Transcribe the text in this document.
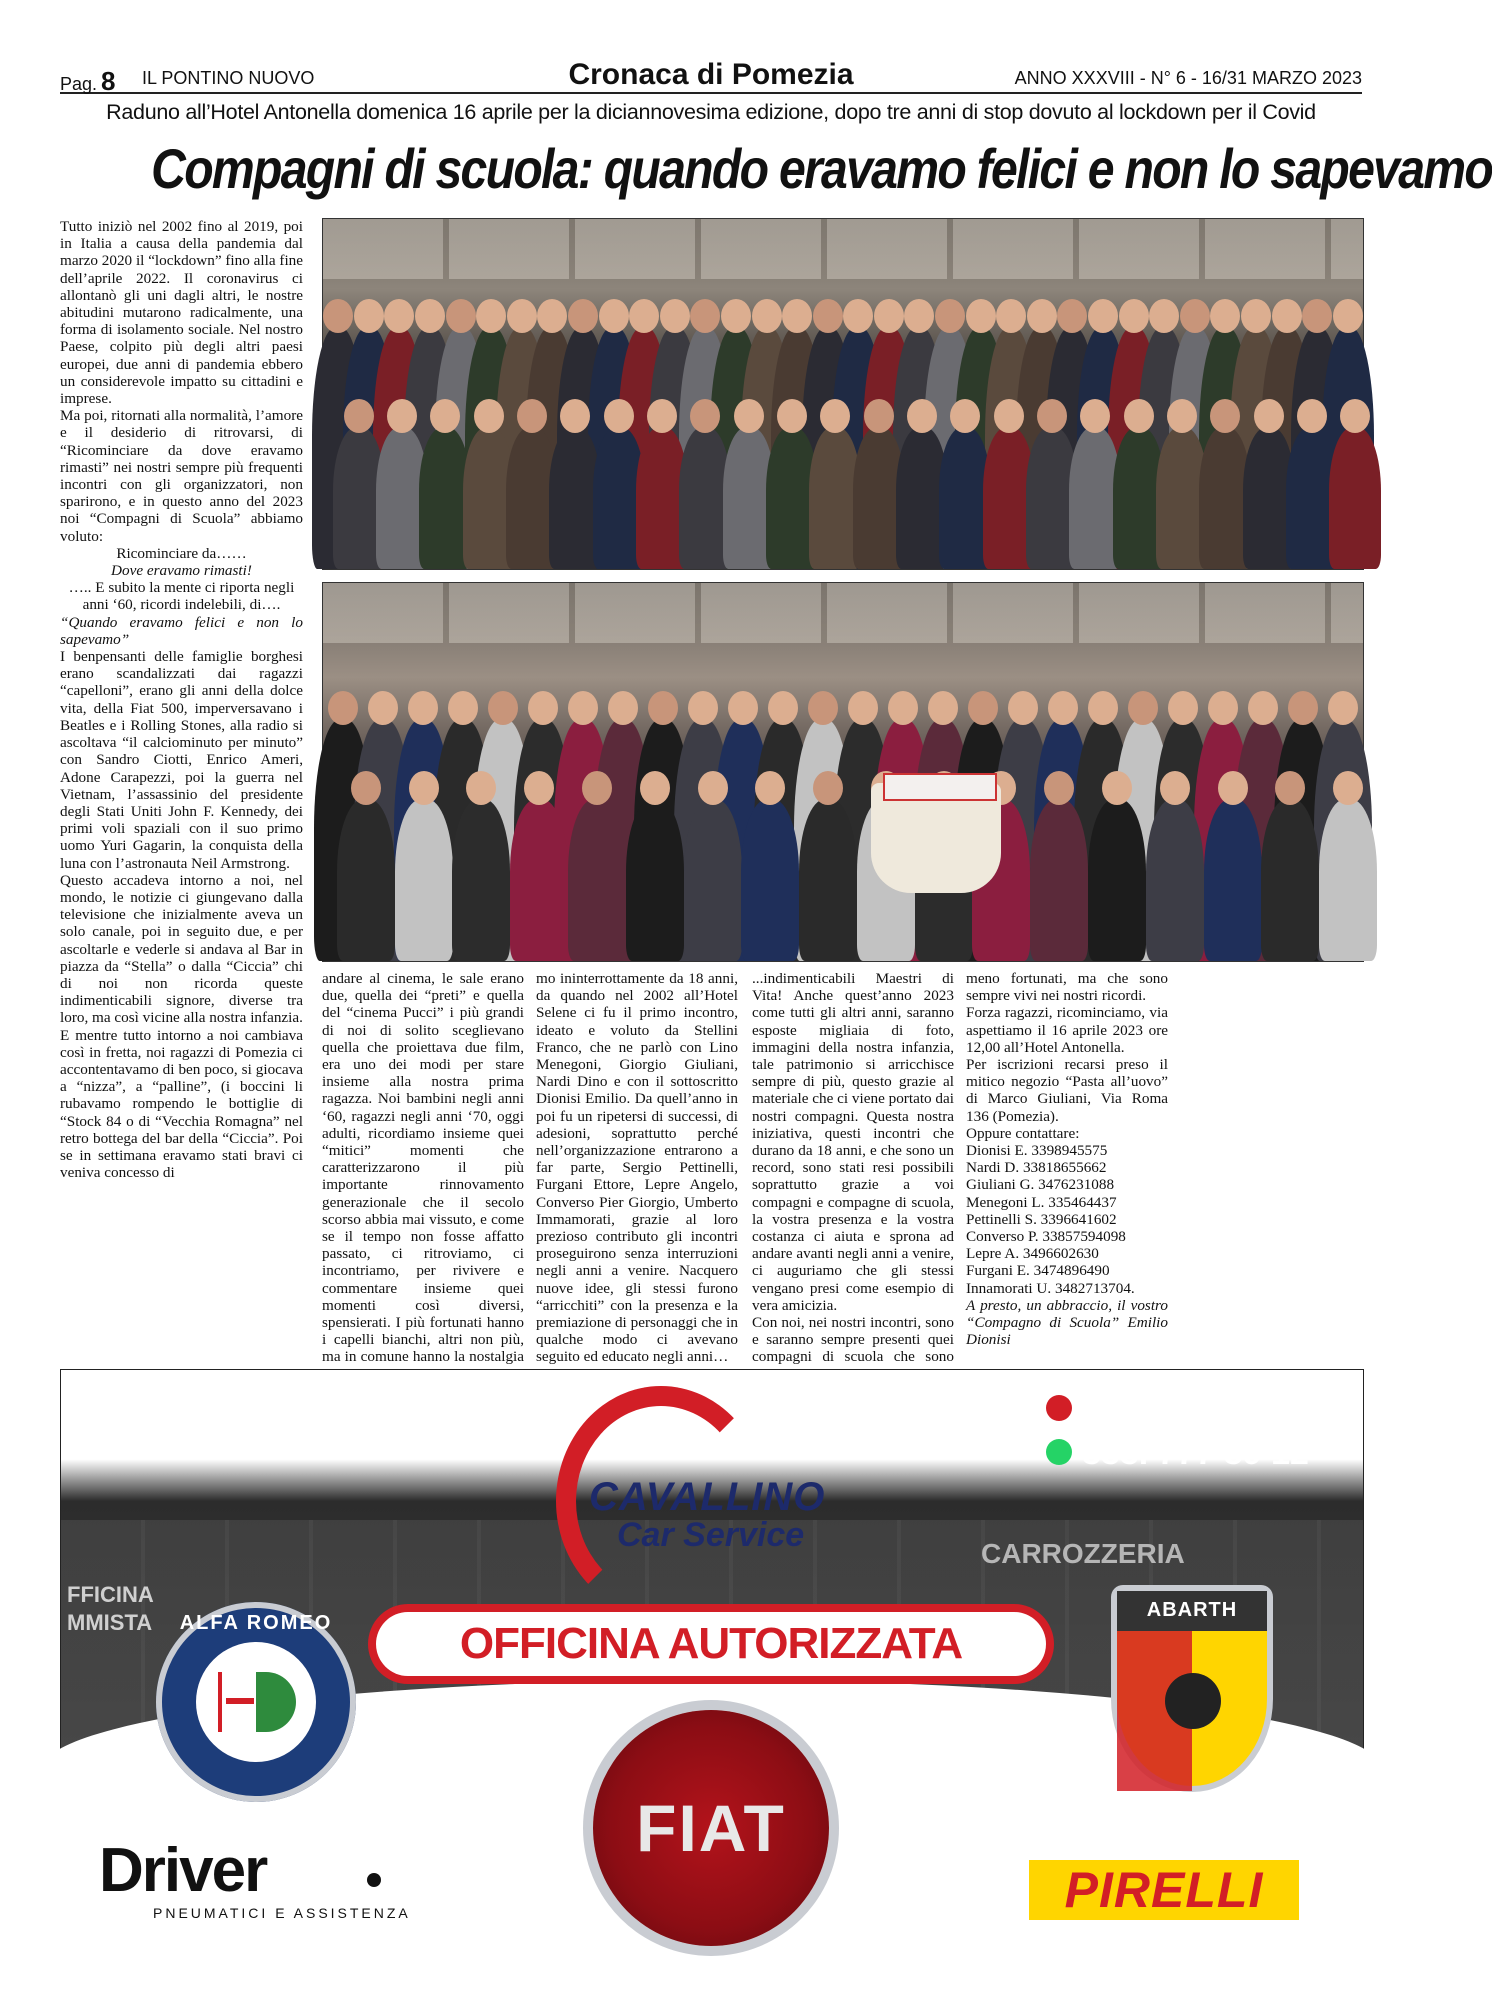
Cronaca di Pomezia
Pag. 8 IL PONTINO NUOVO	ANNO XXXVIII - N° 6 - 16/31 MARZO 2023
Raduno all’Hotel Antonella domenica 16 aprile per la diciannovesima edizione, dopo tre anni di stop dovuto al lockdown per il Covid
Compagni di scuola: quando eravamo felici e non lo sapevamo

Tutto iniziò nel 2002 fino al 2019, poi in Italia a causa della pandemia dal marzo 2020 il “lockdown” fino alla fine dell’aprile 2022. Il coronavirus ci allontanò gli uni dagli altri, le nostre abitudini mutarono radicalmente, una forma di isolamento sociale. Nel nostro Paese, colpito più degli altri paesi europei, due anni di pandemia ebbero un considerevole impatto su cittadini e imprese.

Ma poi, ritornati alla normalità, l’amore e il desiderio di ritrovarsi, di “Ricominciare da dove eravamo rimasti” nei nostri sempre più frequenti incontri con gli organizzatori, non sparirono, e in questo anno del 2023 noi “Compagni di Scuola” abbiamo voluto:

Ricominciare da……

Dove eravamo rimasti!

….. E subito la mente ci riporta negli anni ‘60, ricordi indelebili, di….

“Quando eravamo felici e non lo sapevamo”

I benpensanti delle famiglie borghesi erano scandalizzati dai ragazzi “capelloni”, erano gli anni della dolce vita, della Fiat 500, imperversavano i Beatles e i Rolling Stones, alla radio si ascoltava “il calciominuto per minuto” con Sandro Ciotti, Enrico Ameri, Adone Carapezzi, poi la guerra nel Vietnam, l’assassinio del presidente degli Stati Uniti John F. Kennedy, dei primi voli spaziali con il suo primo uomo Yuri Gagarin, la conquista della luna con l’astronauta Neil Armstrong.

Questo accadeva intorno a noi, nel mondo, le notizie ci giungevano dalla televisione che inizialmente aveva un solo canale, poi in seguito due, e per ascoltarle e vederle si andava al Bar in piazza da “Stella” o dalla “Ciccia” chi di noi non ricorda queste indimenticabili signore, diverse tra loro, ma così vicine alla nostra infanzia.

E mentre tutto intorno a noi cambiava così in fretta, noi ragazzi di Pomezia ci accontentavamo di ben poco, si giocava a “nizza”, a “palline”, (i boccini li rubavamo rompendo le bottiglie di “Stock 84 o di “Vecchia Romagna” nel retro bottega del bar della “Ciccia”. Poi se in settimana eravamo stati bravi ci veniva concesso di

andare al cinema, le sale erano due, quella dei “preti” e quella del “cinema Pucci” i più grandi di noi di solito sceglievano quella che proiettava due film, era uno dei modi per stare insieme alla nostra prima ragazza. Noi bambini negli anni ‘60, ragazzi negli anni ‘70, oggi adulti, ricordiamo insieme quei “mitici” momenti che caratterizzarono il più importante rinnovamento generazionale che il secolo scorso abbia mai vissuto, e come se il tempo non fosse affatto passato, ci ritroviamo, ci incontriamo, per rivivere e commentare insieme quei momenti così diversi, spensierati. I più fortunati hanno i capelli bianchi, altri non più, ma in comune hanno la nostalgia

mo ininterrottamente da 18 anni, da quando nel 2002 all’Hotel Selene ci fu il primo incontro, ideato e voluto da Stellini Franco, che ne parlò con Lino Menegoni, Giorgio Giuliani, Nardi Dino e con il sottoscritto Dionisi Emilio. Da quell’anno in poi fu un ripetersi di successi, di adesioni, soprattutto perché nell’organizzazione entrarono a far parte, Sergio Pettinelli, Furgani Ettore, Lepre Angelo, Converso Pier Giorgio, Umberto Immamorati, grazie al loro prezioso contributo gli incontri proseguirono senza interruzioni negli anni a venire. Nacquero nuove idee, gli stessi furono “arricchiti” con la presenza e la premiazione di personaggi che in qualche modo ci avevano seguito ed educato negli anni…

...indimenticabili Maestri di Vita! Anche quest’anno 2023 come tutti gli altri anni, saranno esposte migliaia di foto, immagini della nostra infanzia, tale patrimonio si arricchisce sempre di più, questo grazie al materiale che ci viene portato dai nostri compagni. Questa nostra iniziativa, questi incontri che durano da 18 anni, e che sono un record, sono stati resi possibili soprattutto grazie a voi compagni e compagne di scuola, la vostra presenza e la vostra costanza ci aiuta e sprona ad andare avanti negli anni a venire, ci auguriamo che gli stessi vengano presi come esempio di vera amicizia.

Con noi, nei nostri incontri, sono e saranno sempre presenti quei compagni di scuola che sono

meno fortunati, ma che sono sempre vivi nei nostri ricordi.

Forza ragazzi, ricominciamo, via aspettiamo il 16 aprile 2023 ore 12,00 all’Hotel Antonella.

Per iscrizioni recarsi preso il mitico negozio “Pasta all’uovo” di Marco Giuliani, Via Roma 136 (Pomezia).

Oppure contattare:

Dionisi E. 3398945575
Nardi D. 33818655662
Giuliani G. 3476231088
Menegoni L. 335464437
Pettinelli S. 3396641602
Converso P. 33857594098
Lepre A. 3496602630
Furgani E. 3474896490
Innamorati U. 3482713704.

A presto, un abbraccio, il vostro “Compagno di Scuola” Emilio Dionisi

CARROZZERIA
FFICINA
MMISTA
VIA NARO, 118
00071 POMEZIA (RM)
06 91 25 13 69
333. 777 39 12
CAVALLINO
Car Service
OFFICINA AUTORIZZATA
ALFA ROMEO
FIAT
ABARTH
Driver
PNEUMATICI E ASSISTENZA	PIRELLI
